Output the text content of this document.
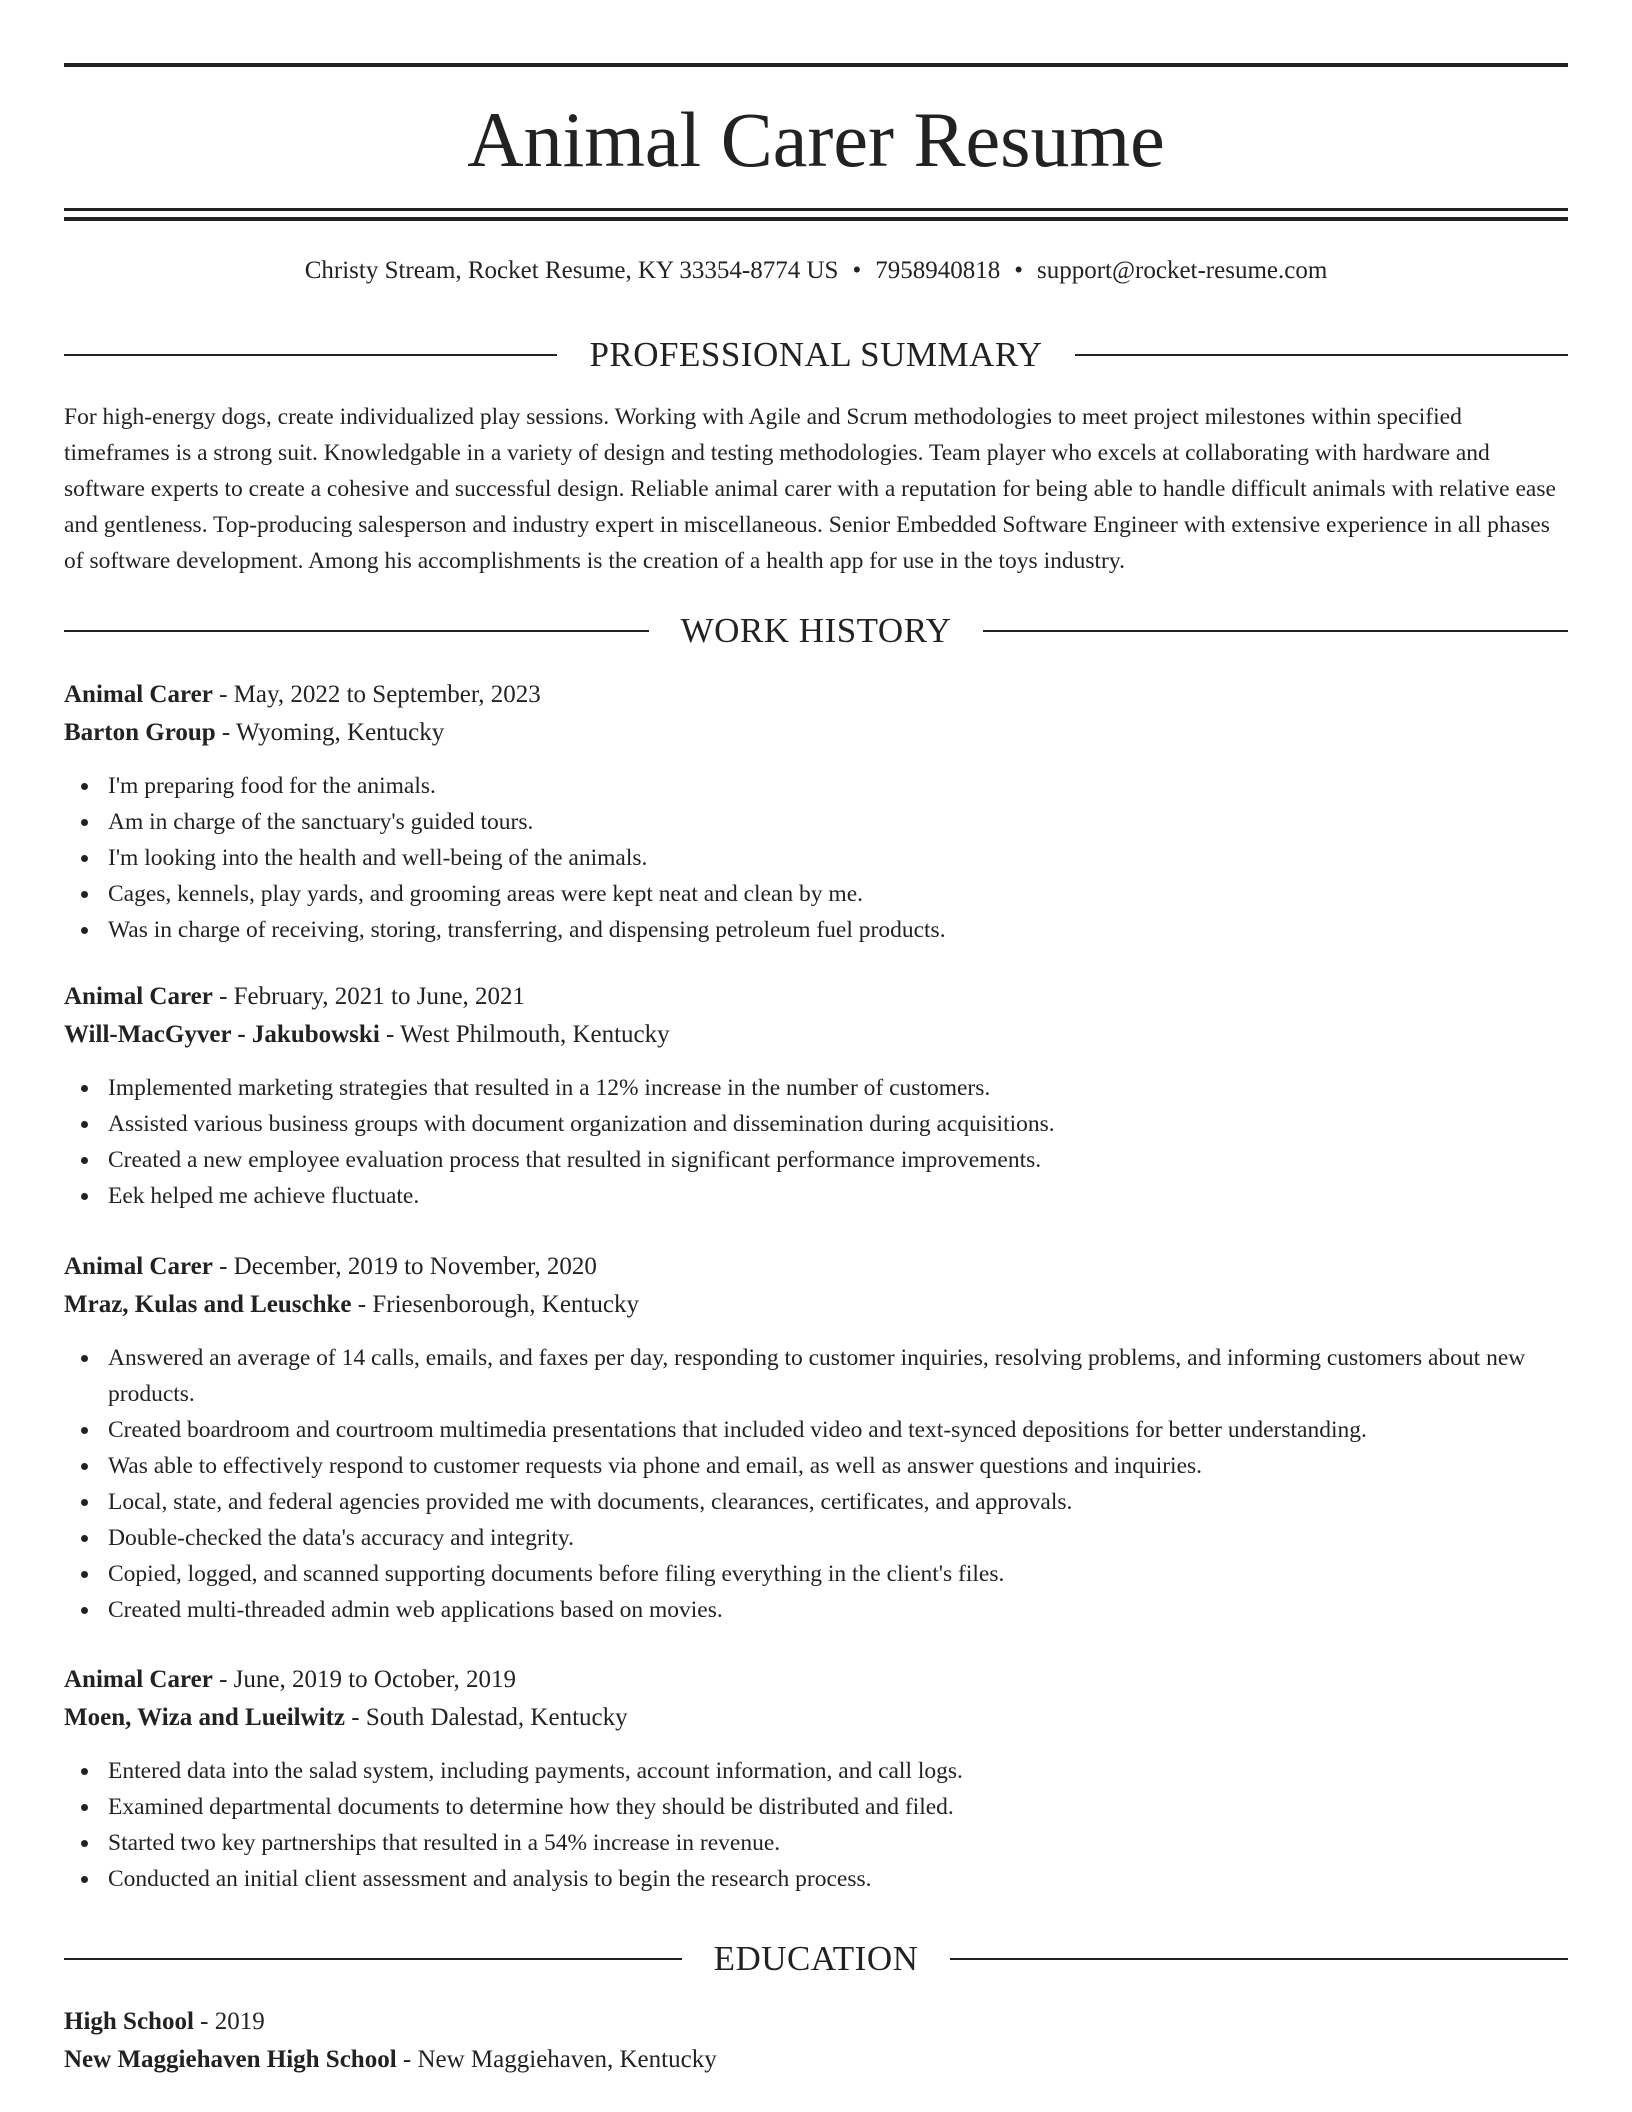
Animal Carer Resume
Christy Stream, Rocket Resume, KY 33354-8774 US • 7958940818 • support@rocket-resume.com
PROFESSIONAL SUMMARY

For high-energy dogs, create individualized play sessions. Working with Agile and Scrum methodologies to meet project milestones within specified timeframes is a strong suit. Knowledgable in a variety of design and testing methodologies. Team player who excels at collaborating with hardware and software experts to create a cohesive and successful design. Reliable animal carer with a reputation for being able to handle difficult animals with relative ease and gentleness. Top-producing salesperson and industry expert in miscellaneous. Senior Embedded Software Engineer with extensive experience in all phases of software development. Among his accomplishments is the creation of a health app for use in the toys industry.

WORK HISTORY
Animal Carer - May, 2022 to September, 2023
Barton Group - Wyoming, Kentucky
I'm preparing food for the animals.
Am in charge of the sanctuary's guided tours.
I'm looking into the health and well-being of the animals.
Cages, kennels, play yards, and grooming areas were kept neat and clean by me.
Was in charge of receiving, storing, transferring, and dispensing petroleum fuel products.
Animal Carer - February, 2021 to June, 2021
Will-MacGyver - Jakubowski - West Philmouth, Kentucky
Implemented marketing strategies that resulted in a 12% increase in the number of customers.
Assisted various business groups with document organization and dissemination during acquisitions.
Created a new employee evaluation process that resulted in significant performance improvements.
Eek helped me achieve fluctuate.
Animal Carer - December, 2019 to November, 2020
Mraz, Kulas and Leuschke - Friesenborough, Kentucky
Answered an average of 14 calls, emails, and faxes per day, responding to customer inquiries, resolving problems, and informing customers about new products.
Created boardroom and courtroom multimedia presentations that included video and text-synced depositions for better understanding.
Was able to effectively respond to customer requests via phone and email, as well as answer questions and inquiries.
Local, state, and federal agencies provided me with documents, clearances, certificates, and approvals.
Double-checked the data's accuracy and integrity.
Copied, logged, and scanned supporting documents before filing everything in the client's files.
Created multi-threaded admin web applications based on movies.
Animal Carer - June, 2019 to October, 2019
Moen, Wiza and Lueilwitz - South Dalestad, Kentucky
Entered data into the salad system, including payments, account information, and call logs.
Examined departmental documents to determine how they should be distributed and filed.
Started two key partnerships that resulted in a 54% increase in revenue.
Conducted an initial client assessment and analysis to begin the research process.
EDUCATION
High School - 2019
New Maggiehaven High School - New Maggiehaven, Kentucky
